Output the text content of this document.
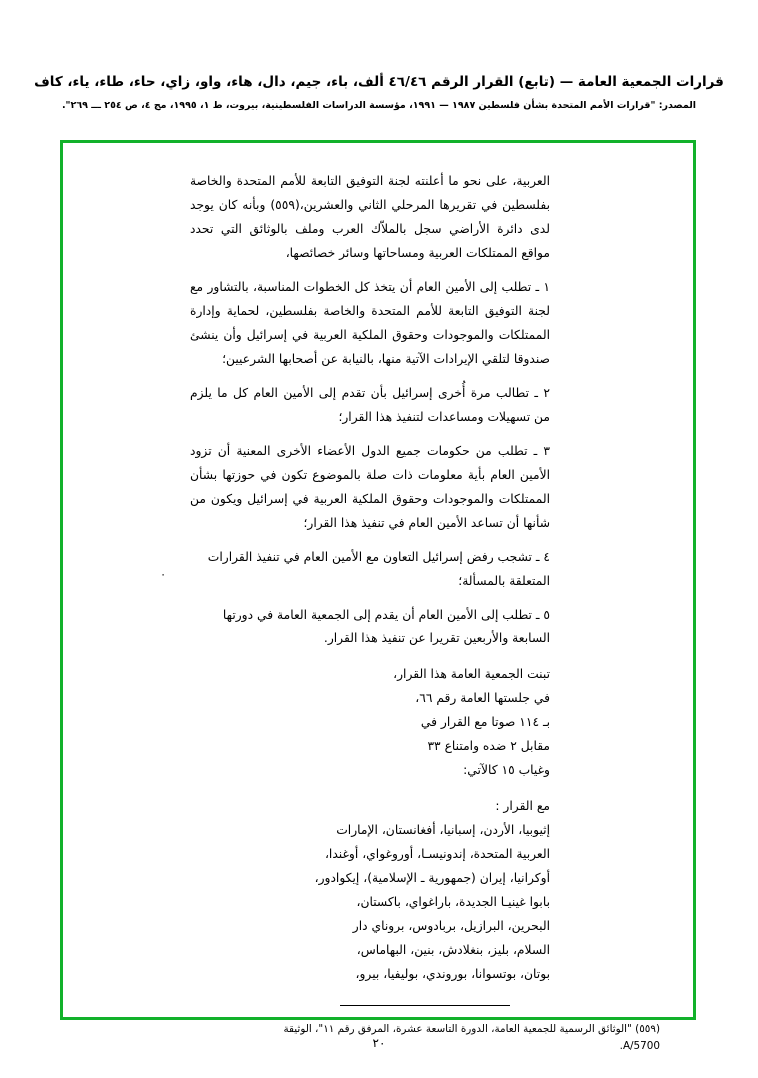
قرارات الجمعية العامة — (تابع) القرار الرقم ٤٦/٤٦ ألف، باء، جيم، دال، هاء، واو، زاي، حاء، طاء، ياء، كاف
المصدر: "قرارات الأمم المتحدة بشأن فلسطين ١٩٨٧ — ١٩٩١، مؤسسة الدراسات الفلسطينية، بيروت، ط ١، ١٩٩٥، مج ٤، ص ٢٥٤ ـــ ٢٦٩".

العربية، على نحو ما أعلنته لجنة التوفيق التابعة للأمم المتحدة والخاصة بفلسطين في تقريرها المرحلي الثاني والعشرين،(٥٥٩) وبأنه كان يوجد لدى دائرة الأراضي سجل بالملاّك العرب وملف بالوثائق التي تحدد مواقع الممتلكات العربية ومساحاتها وسائر خصائصها،

١ ـ تطلب إلى الأمين العام أن يتخذ كل الخطوات المناسبة، بالتشاور مع لجنة التوفيق التابعة للأمم المتحدة والخاصة بفلسطين، لحماية وإدارة الممتلكات والموجودات وحقوق الملكية العربية في إسرائيل وأن ينشئ صندوقا لتلقي الإيرادات الآتية منها، بالنيابة عن أصحابها الشرعيين؛

٢ ـ تطالب مرة أُخرى إسرائيل بأن تقدم إلى الأمين العام كل ما يلزم من تسهيلات ومساعدات لتنفيذ هذا القرار؛

٣ ـ تطلب من حكومات جميع الدول الأعضاء الأخرى المعنية أن تزود الأمين العام بأية معلومات ذات صلة بالموضوع تكون في حوزتها بشأن الممتلكات والموجودات وحقوق الملكية العربية في إسرائيل ويكون من شأنها أن تساعد الأمين العام في تنفيذ هذا القرار؛

٤ ـ تشجب رفض إسرائيل التعاون مع الأمين العام في تنفيذ القرارات المتعلقة بالمسألة؛

٥ ـ تطلب إلى الأمين العام أن يقدم إلى الجمعية العامة في دورتها السابعة والأربعين تقريرا عن تنفيذ هذا القرار.

تبنت الجمعية العامة هذا القرار،

في جلستها العامة رقم ٦٦،

بـ ١١٤ صوتا مع القرار في

مقابل ٢ ضده وامتناع ٣٣

وغياب ١٥ كالآتي:

مع القرار :

إثيوبيا، الأردن، إسبانيا، أفغانستان، الإمارات

العربية المتحدة، إندونيسـا، أوروغواي، أوغندا،

أوكرانيا، إيران (جمهورية ـ الإسلامية)، إيكوادور،

بابوا غينيـا الجديدة، باراغواي، باكستان،

البحرين، البرازيل، بربادوس، بروناي دار

السلام، بليز، بنغلادش، بنين، البهاماس،

بوتان، بوتسوانا، بوروندي، بوليفيا، بيرو،

٠
(٥٥٩) "الوثائق الرسمية للجمعية العامة، الدورة التاسعة عشرة، المرفق رقم ١١"، الوثيقة A/5700.
٢٠
